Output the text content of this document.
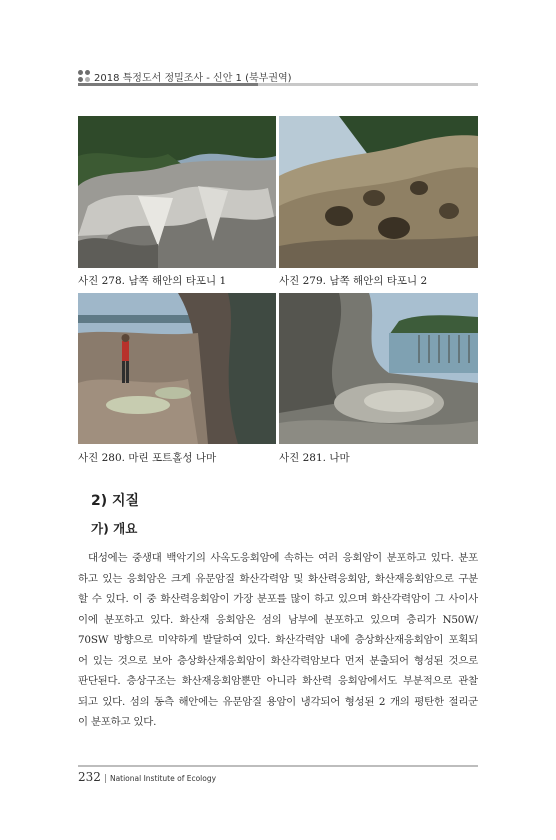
2018 특정도서 정밀조사 - 신안 1 (북부권역)
사진 278. 남쪽 해안의 타포니 1	사진 279. 남쪽 해안의 타포니 2
사진 280. 마린 포트홀성 나마	사진 281. 나마
2) 지질
가) 개요
대성에는 중생대 백악기의 사옥도응회암에 속하는 여러 응회암이 분포하고 있다. 분포
하고 있는 응회암은 크게 유문암질 화산각력암 및 화산력응회암, 화산재응회암으로 구분
할 수 있다. 이 중 화산력응회암이 가장 분포를 많이 하고 있으며 화산각력암이 그 사이사
이에 분포하고 있다. 화산재 응회암은 섬의 남부에 분포하고 있으며 층리가 N50W/
70SW 방향으로 미약하게 발달하여 있다. 화산각력암 내에 층상화산재응회암이 포획되
어 있는 것으로 보아 층상화산재응회암이 화산각력암보다 먼저 분출되어 형성된 것으로
판단된다. 층상구조는 화산재응회암뿐만 아니라 화산력 응회암에서도 부분적으로 관찰
되고 있다. 섬의 동측 해안에는 유문암질 용암이 냉각되어 형성된 2 개의 평탄한 절리군
이 분포하고 있다.
232 | National Institute of Ecology
